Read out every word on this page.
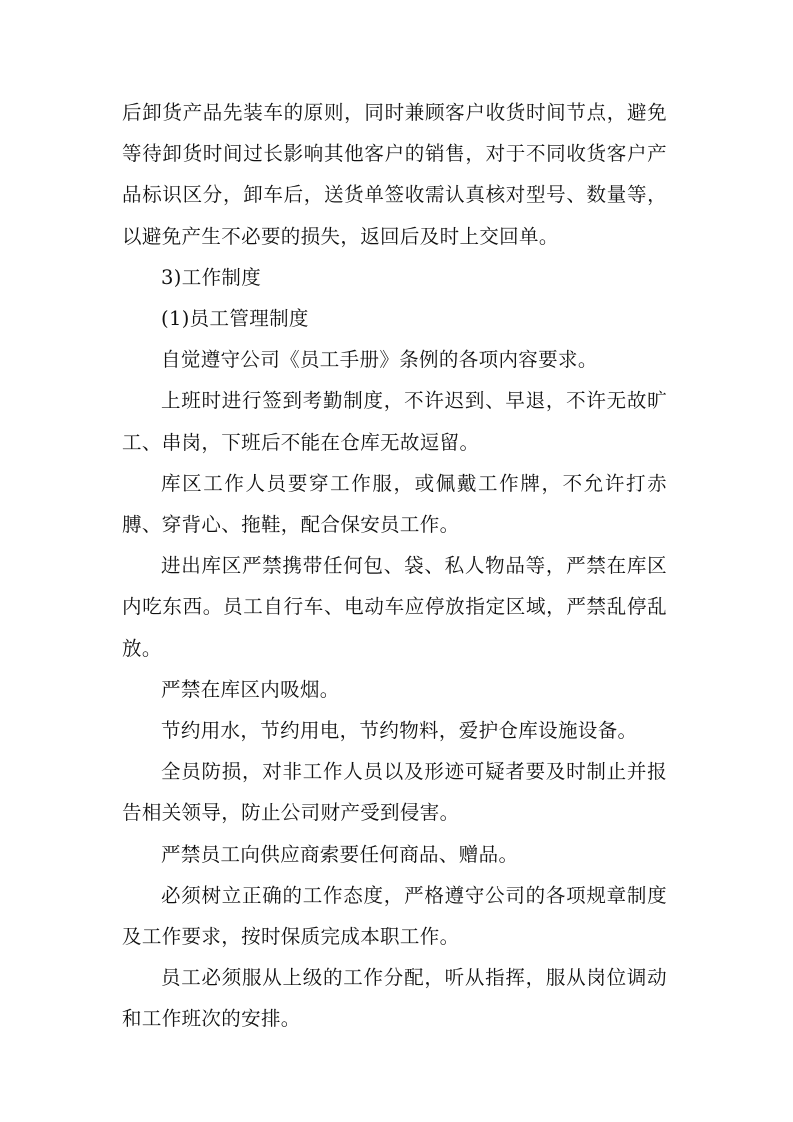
后卸货产品先装车的原则，同时兼顾客户收货时间节点，避免等待卸货时间过长影响其他客户的销售，对于不同收货客户产品标识区分，卸车后，送货单签收需认真核对型号、数量等，以避免产生不必要的损失，返回后及时上交回单。

3)工作制度

(1)员工管理制度

自觉遵守公司《员工手册》条例的各项内容要求。

上班时进行签到考勤制度，不许迟到、早退，不许无故旷工、串岗，下班后不能在仓库无故逗留。

库区工作人员要穿工作服，或佩戴工作牌，不允许打赤膊、穿背心、拖鞋，配合保安员工作。

进出库区严禁携带任何包、袋、私人物品等，严禁在库区内吃东西。员工自行车、电动车应停放指定区域，严禁乱停乱放。

严禁在库区内吸烟。

节约用水，节约用电，节约物料，爱护仓库设施设备。

全员防损，对非工作人员以及形迹可疑者要及时制止并报告相关领导，防止公司财产受到侵害。

严禁员工向供应商索要任何商品、赠品。

必须树立正确的工作态度，严格遵守公司的各项规章制度及工作要求，按时保质完成本职工作。

员工必须服从上级的工作分配，听从指挥，服从岗位调动和工作班次的安排。
